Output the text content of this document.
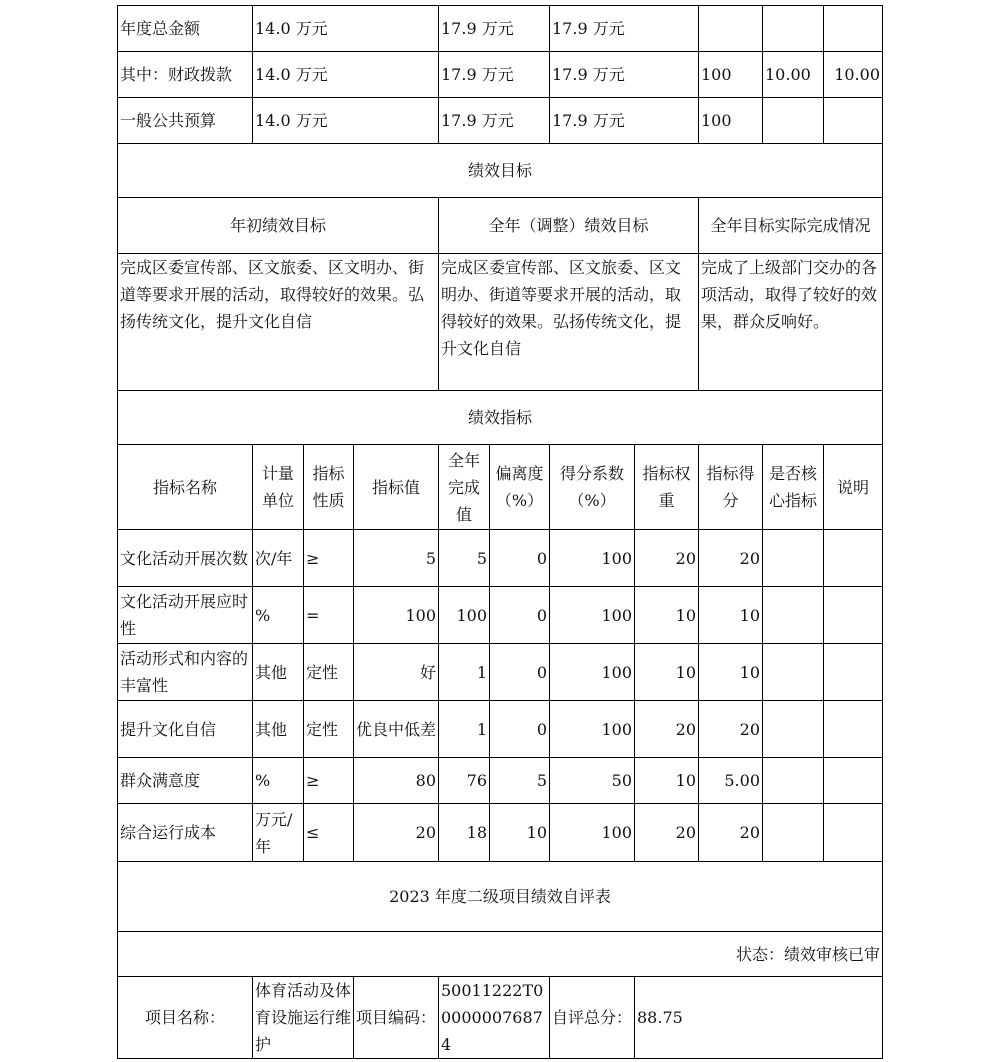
年度总金额	14.0 万元			17.9 万元		17.9 万元				
其中：财政拨款	14.0 万元			17.9 万元		17.9 万元		100	10.00	10.00
一般公共预算	14.0 万元			17.9 万元		17.9 万元		100		
绩效目标										
年初绩效目标				全年（调整）绩效目标				全年目标实际完成情况		
完成区委宣传部、区文旅委、区文明办、街道等要求开展的活动，取得较好的效果。弘扬传统文化，提升文化自信				完成区委宣传部、区文旅委、区文明办、街道等要求开展的活动，取得较好的效果。弘扬传统文化，提升文化自信				完成了上级部门交办的各项活动，取得了较好的效果，群众反响好。		
绩效指标										
指标名称	计量单位	指标性质	指标值	全年完成值	偏离度（%）	得分系数（%）	指标权重	指标得分	是否核心指标	说明
文化活动开展次数	次/年	≥	5	5	0	100	20	20		
文化活动开展应时性	%	=	100	100	0	100	10	10		
活动形式和内容的丰富性	其他	定性	好	1	0	100	10	10		
提升文化自信	其他	定性	优良中低差	1	0	100	20	20		
群众满意度	%	≥	80	76	5	50	10	5.00		
综合运行成本	万元/年	≤	20	18	10	100	20	20		
2023 年度二级项目绩效自评表										
状态：绩效审核已审										
项目名称：	体育活动及体育设施运行维护		项目编码：	50011222T000000076874		自评总分：	88.75			
